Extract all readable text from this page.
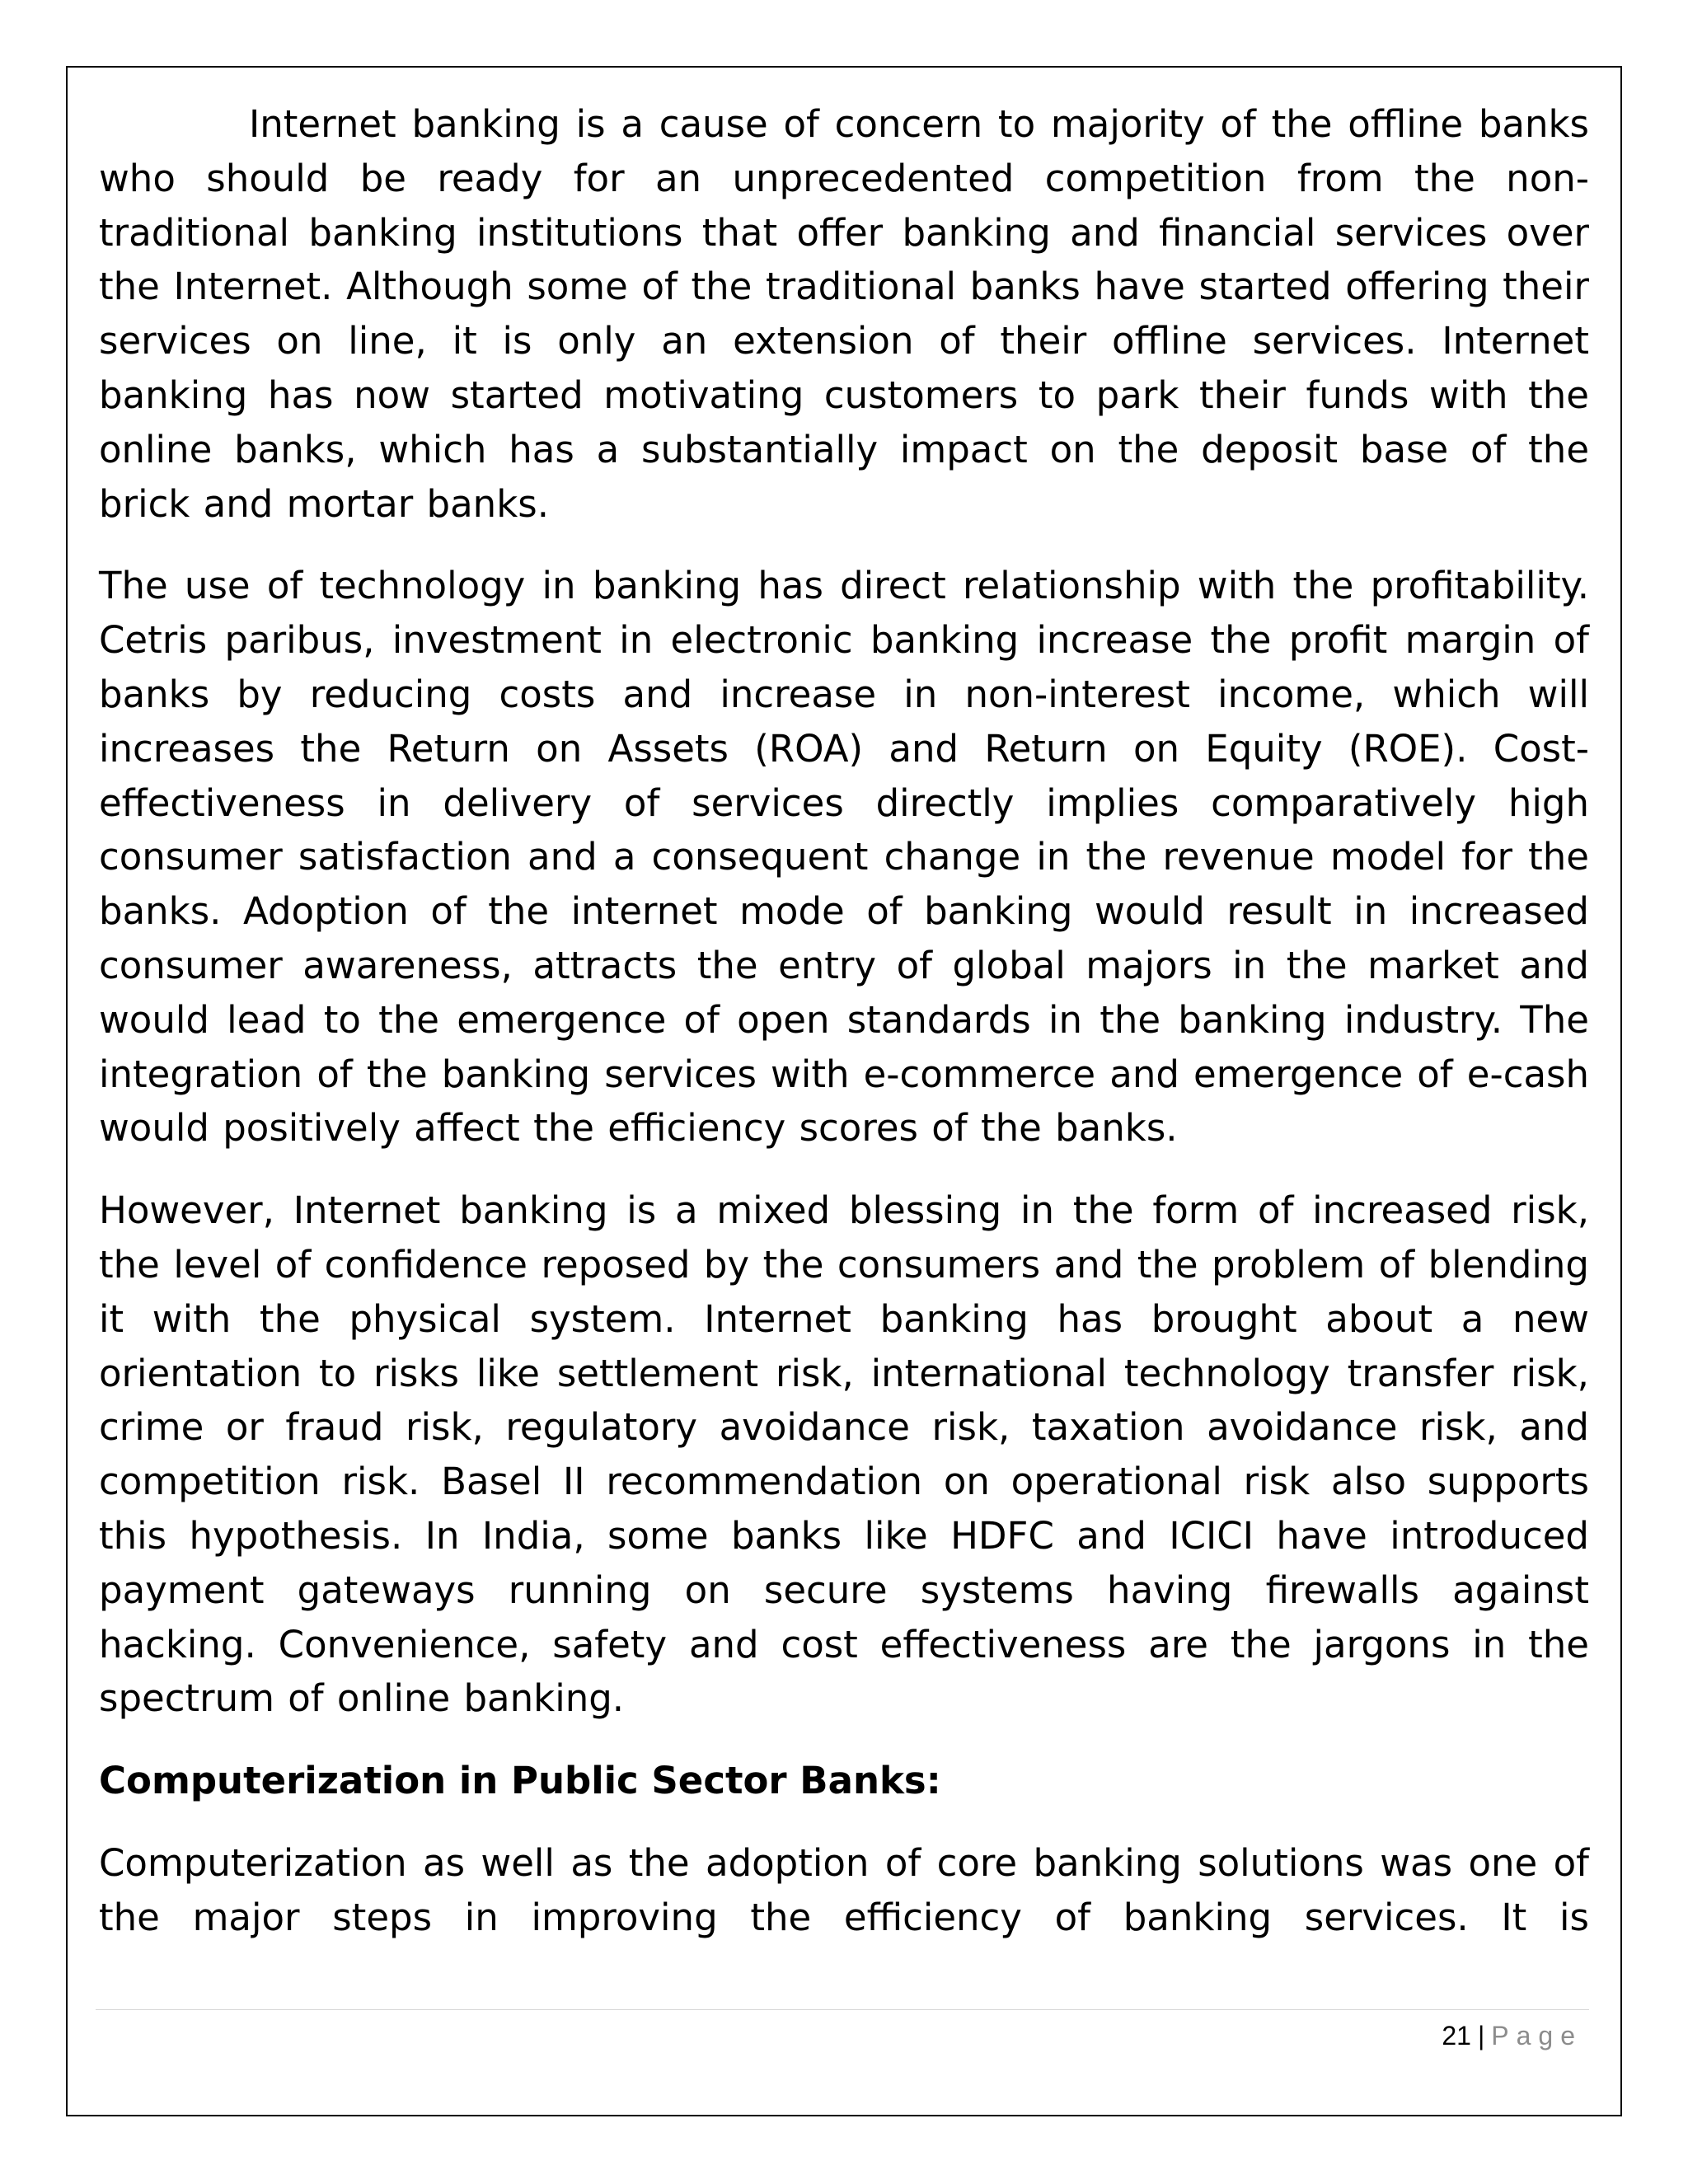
Internet banking is a cause of concern to majority of the offline banks who should be ready for an unprecedented competition from the non-traditional banking institutions that offer banking and financial services over the Internet. Although some of the traditional banks have started offering their services on line, it is only an extension of their offline services. Internet banking has now started motivating customers to park their funds with the online banks, which has a substantially impact on the deposit base of the brick and mortar banks.

The use of technology in banking has direct relationship with the profitability. Cetris paribus, investment in electronic banking increase the profit margin of banks by reducing costs and increase in non-interest income, which will increases the Return on Assets (ROA) and Return on Equity (ROE). Cost-effectiveness in delivery of services directly implies comparatively high consumer satisfaction and a consequent change in the revenue model for the banks. Adoption of the internet mode of banking would result in increased consumer awareness, attracts the entry of global majors in the market and would lead to the emergence of open standards in the banking industry. The integration of the banking services with e-commerce and emergence of e-cash would positively affect the efficiency scores of the banks.

However, Internet banking is a mixed blessing in the form of increased risk, the level of confidence reposed by the consumers and the problem of blending it with the physical system. Internet banking has brought about a new orientation to risks like settlement risk, international technology transfer risk, crime or fraud risk, regulatory avoidance risk, taxation avoidance risk, and competition risk. Basel II recommendation on operational risk also supports this hypothesis. In India, some banks like HDFC and ICICI have introduced payment gateways running on secure systems having firewalls against hacking. Convenience, safety and cost effectiveness are the jargons in the spectrum of online banking.

Computerization in Public Sector Banks:

Computerization as well as the adoption of core banking solutions was one of the major steps in improving the efficiency of banking services. It is

21 | Page
